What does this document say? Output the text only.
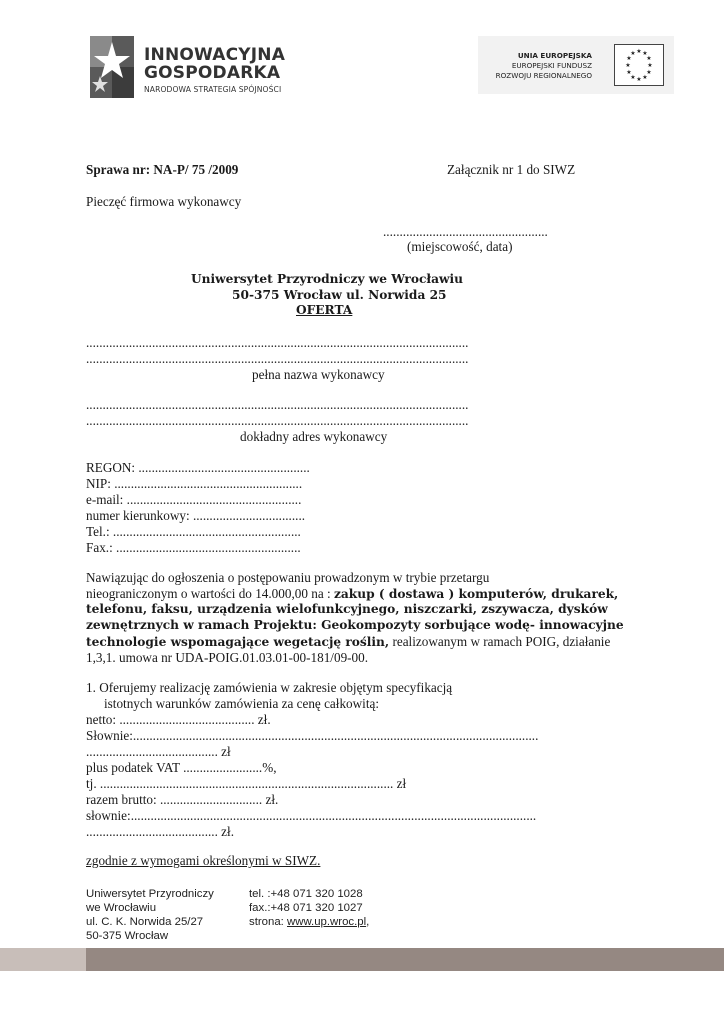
INNOWACYJNA
GOSPODARKA
NARODOWA STRATEGIA SPÓJNOŚCI
UNIA EUROPEJSKA
EUROPEJSKI FUNDUSZ
ROZWOJU REGIONALNEGO
★ ★
★
★
★
★
★
★
★
★
★
★
Sprawa nr: NA-P/ 75 /2009	Załącznik nr 1 do SIWZ
Pieczęć firmowa wykonawcy
..................................................
(miejscowość, data)
Uniwersytet Przyrodniczy we Wrocławiu
50-375 Wrocław ul. Norwida 25
OFERTA
....................................................................................................................
....................................................................................................................
pełna nazwa wykonawcy
....................................................................................................................
....................................................................................................................
dokładny adres wykonawcy
REGON: ....................................................
NIP: .........................................................
e-mail: .....................................................
numer kierunkowy: ..................................
Tel.: .........................................................
Fax.: ........................................................
Nawiązując do ogłoszenia o postępowaniu prowadzonym w trybie przetargu
nieograniczonym o wartości do 14.000,00 na : zakup ( dostawa ) komputerów, drukarek,
telefonu, faksu, urządzenia wielofunkcyjnego, niszczarki, zszywacza, dysków
zewnętrznych w ramach Projektu: Geokompozyty sorbujące wodę- innowacyjne
technologie wspomagające wegetację roślin, realizowanym w ramach POIG, działanie
1,3,1. umowa nr UDA-POIG.01.03.01-00-181/09-00.
1. Oferujemy realizację zamówienia w zakresie objętym specyfikacją
istotnych warunków zamówienia za cenę całkowitą:
netto: ......................................... zł.
Słownie:...........................................................................................................................
........................................ zł
plus podatek VAT ........................%,
tj. ......................................................................................... zł
razem brutto: ............................... zł.
słownie:...........................................................................................................................
........................................ zł.
zgodnie z wymogami określonymi w SIWZ.
Uniwersytet Przyrodniczy
we Wrocławiu
ul. C. K. Norwida 25/27
50-375 Wrocław
tel. :+48 071 320 1028
fax.:+48 071 320 1027
strona: www.up.wroc.pl,
